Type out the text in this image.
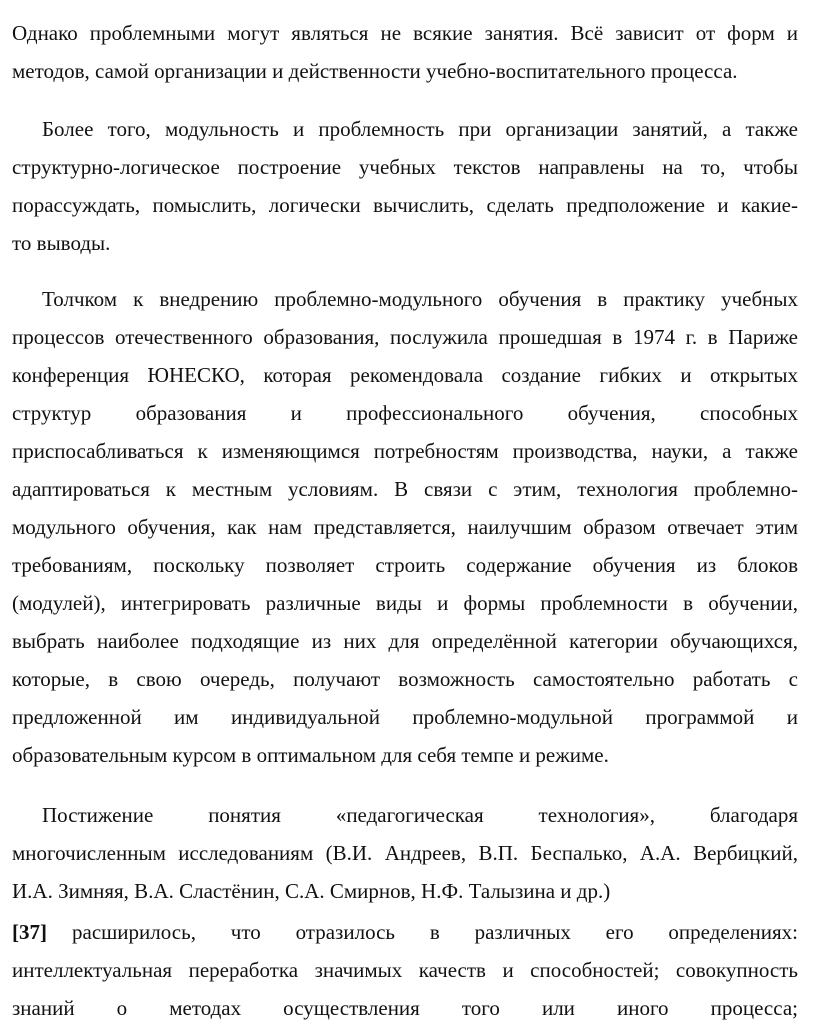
Однако проблемными могут являться не всякие занятия. Всё зависит от форм и
методов, самой организации и действенности учебно-воспитательного процесса.
Более того, модульность и проблемность при организации занятий, а также
структурно-логическое построение учебных текстов направлены на то, чтобы
порассуждать, помыслить, логически вычислить, сделать предположение и какие-
то выводы.
Толчком к внедрению проблемно-модульного обучения в практику учебных
процессов отечественного образования, послужила прошедшая в 1974 г. в Париже
конференция ЮНЕСКО, которая рекомендовала создание гибких и открытых
структур образования и профессионального обучения, способных
приспосабливаться к изменяющимся потребностям производства, науки, а также
адаптироваться к местным условиям. В связи с этим, технология проблемно-
модульного обучения, как нам представляется, наилучшим образом отвечает этим
требованиям, поскольку позволяет строить содержание обучения из блоков
(модулей), интегрировать различные виды и формы проблемности в обучении,
выбрать наиболее подходящие из них для определённой категории обучающихся,
которые, в свою очередь, получают возможность самостоятельно работать с
предложенной им индивидуальной проблемно-модульной программой и
образовательным курсом в оптимальном для себя темпе и режиме.
Постижение понятия «педагогическая технология», благодаря
многочисленным исследованиям (В.И. Андреев, В.П. Беспалько, А.А. Вербицкий,
И.А. Зимняя, В.А. Сластёнин, С.А. Смирнов, Н.Ф. Талызина и др.)
[37]	расширилось, что отразилось в различных его определениях:
интеллектуальная переработка значимых качеств и способностей; совокупность
знаний о методах осуществления того или иного процесса;
